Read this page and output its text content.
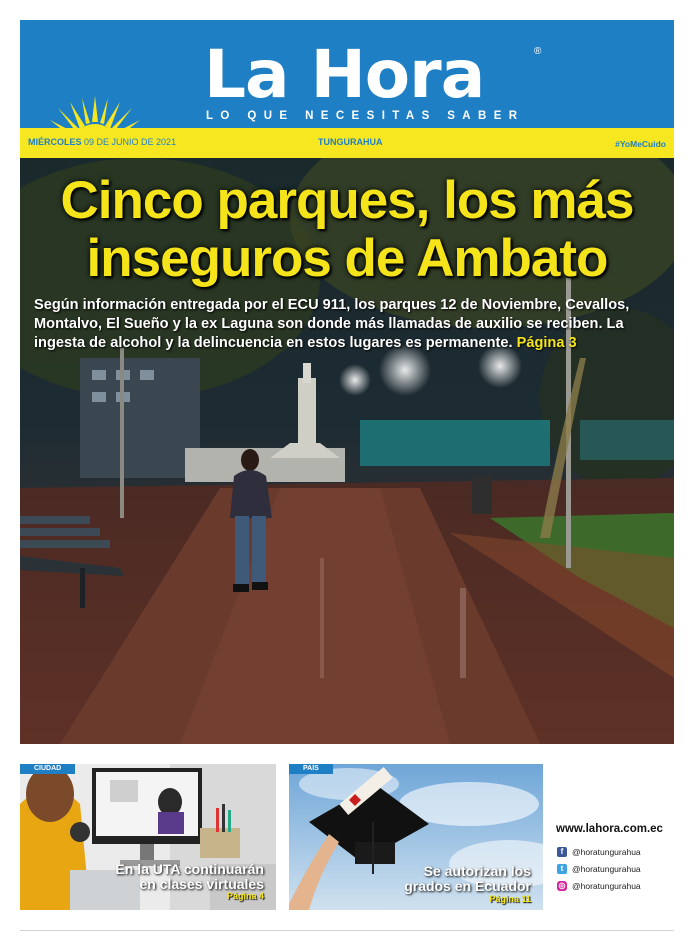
La Hora	®
LO QUE NECESITAS SABER
MIÉRCOLES 09 DE JUNIO DE 2021	TUNGURAHUA	#YoMeCuido
Cinco parques, los más
inseguros de Ambato
Según información entregada por el ECU 911, los parques 12 de Noviembre, Cevallos, Montalvo, El Sueño y la ex Laguna son donde más llamadas de auxilio se reciben. La ingesta de alcohol y la delincuencia en estos lugares es permanente. Página 3
CIUDAD
En la UTA continuarán
en clases virtuales
Página 4
PAÍS
Se autorizan los
grados en Ecuador
Página 11
www.lahora.com.ec
f	@horatungurahua
t	@horatungurahua
◎ @horatungurahua
